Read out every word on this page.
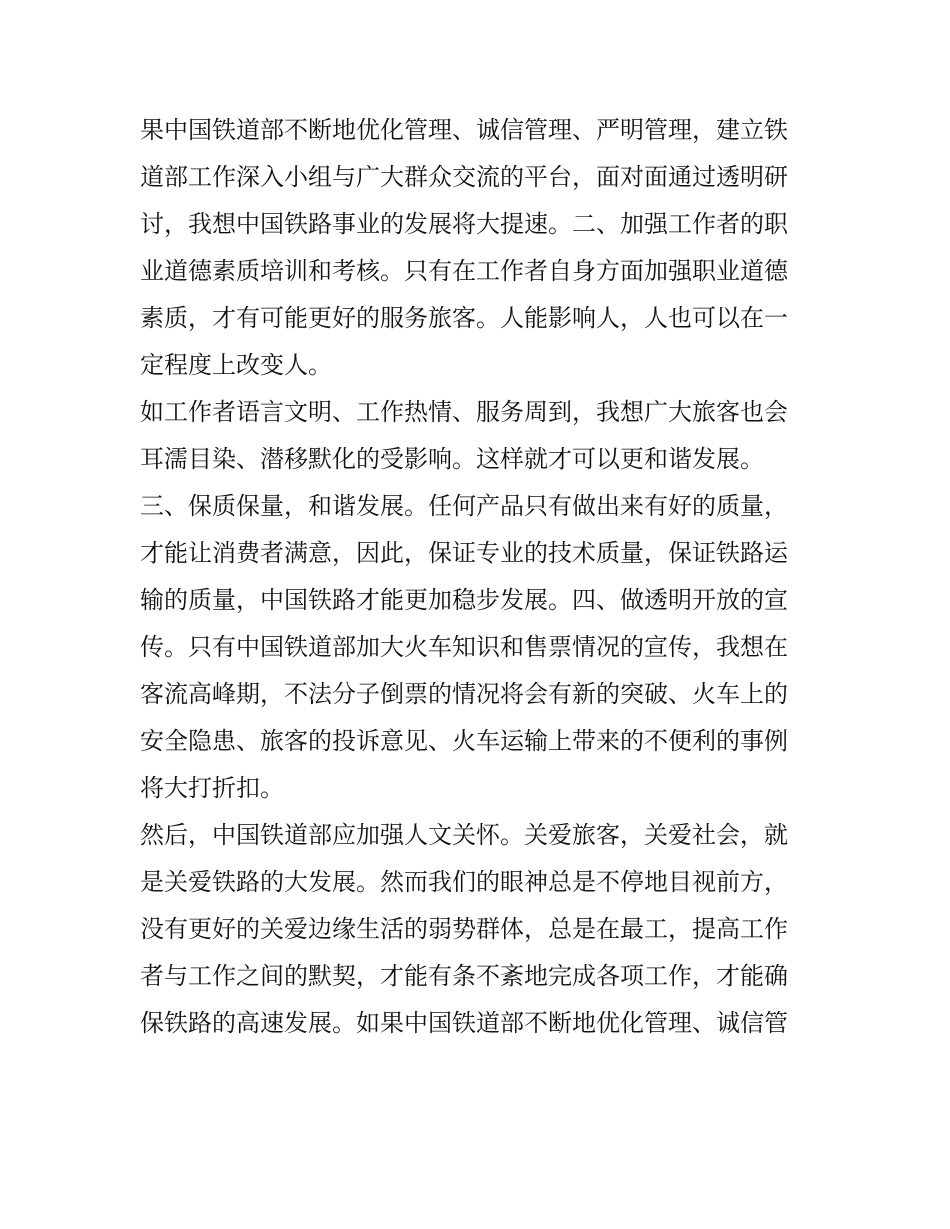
果中国铁道部不断地优化管理、诚信管理、严明管理，建立铁
道部工作深入小组与广大群众交流的平台，面对面通过透明研
讨，我想中国铁路事业的发展将大提速。二、加强工作者的职
业道德素质培训和考核。只有在工作者自身方面加强职业道德
素质，才有可能更好的服务旅客。人能影响人，人也可以在一
定程度上改变人。
如工作者语言文明、工作热情、服务周到，我想广大旅客也会
耳濡目染、潜移默化的受影响。这样就才可以更和谐发展。
三、保质保量，和谐发展。任何产品只有做出来有好的质量，
才能让消费者满意，因此，保证专业的技术质量，保证铁路运
输的质量，中国铁路才能更加稳步发展。四、做透明开放的宣
传。只有中国铁道部加大火车知识和售票情况的宣传，我想在
客流高峰期，不法分子倒票的情况将会有新的突破、火车上的
安全隐患、旅客的投诉意见、火车运输上带来的不便利的事例
将大打折扣。
然后，中国铁道部应加强人文关怀。关爱旅客，关爱社会，就
是关爱铁路的大发展。然而我们的眼神总是不停地目视前方，
没有更好的关爱边缘生活的弱势群体，总是在最工，提高工作
者与工作之间的默契，才能有条不紊地完成各项工作，才能确
保铁路的高速发展。如果中国铁道部不断地优化管理、诚信管
